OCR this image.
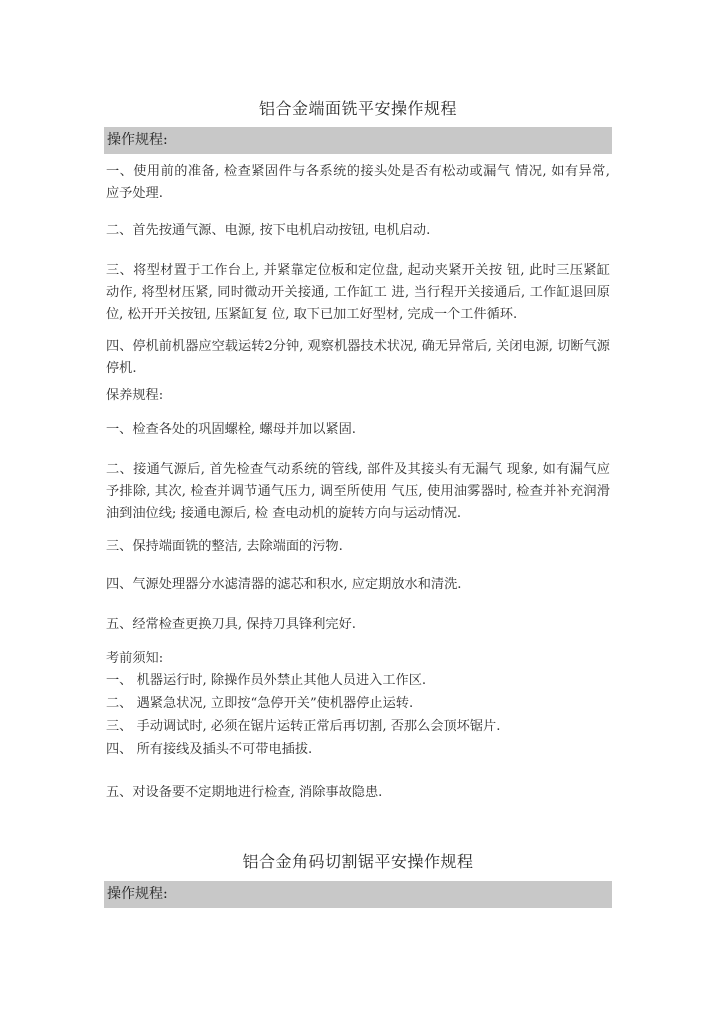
铝合金端面铣平安操作规程
操作规程:

一、使用前的准备, 检查紧固件与各系统的接头处是否有松动或漏气 情况, 如有异常, 应予处理.

二、首先按通气源、电源, 按下电机启动按钮, 电机启动.

三、将型材置于工作台上, 并紧靠定位板和定位盘, 起动夹紧开关按 钮, 此时三压紧缸动作, 将型材压紧, 同时微动开关接通, 工作缸工 进, 当行程开关接通后, 工作缸退回原位, 松开开关按钮, 压紧缸复 位, 取下已加工好型材, 完成一个工件循环.

四、停机前机器应空载运转2分钟, 观察机器技术状况, 确无异常后, 关闭电源, 切断气源停机.

保养规程:

一、检查各处的巩固螺栓, 螺母并加以紧固.

二、接通气源后, 首先检查气动系统的管线, 部件及其接头有无漏气 现象, 如有漏气应予排除, 其次, 检查并调节通气压力, 调至所使用 气压, 使用油雾器时, 检查并补充润滑油到油位线; 接通电源后, 检 查电动机的旋转方向与运动情况.

三、保持端面铣的整洁, 去除端面的污物.

四、气源处理器分水滤清器的滤芯和积水, 应定期放水和清洗.

五、经常检查更换刀具, 保持刀具锋利完好.

考前须知:

一、 机器运行时, 除操作员外禁止其他人员进入工作区.

二、 遇紧急状况, 立即按“急停开关”使机器停止运转.

三、 手动调试时, 必须在锯片运转正常后再切割, 否那么会顶坏锯片.

四、 所有接线及插头不可带电插拔.

五、对设备要不定期地进行检查, 消除事故隐患.

铝合金角码切割锯平安操作规程
操作规程:
